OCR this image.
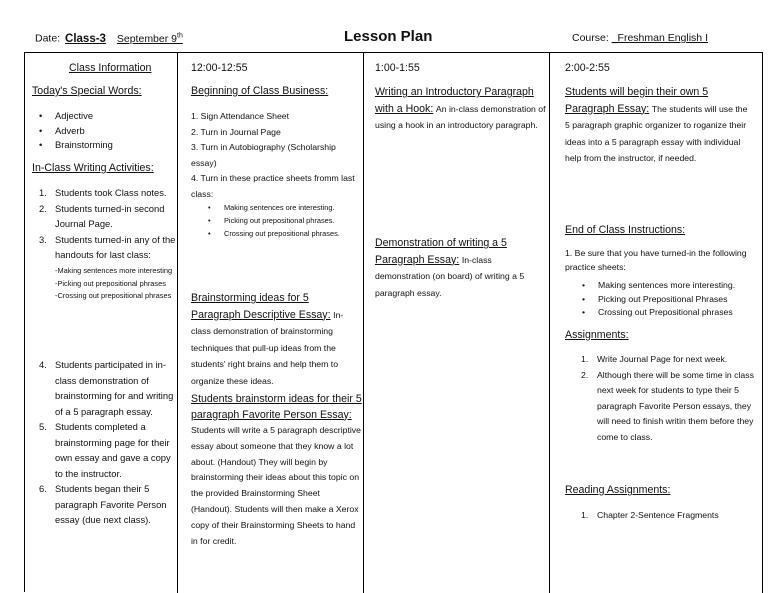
Date: Class-3 September 9th	Lesson Plan	Course: _Freshman English I
Class Information
Today's Special Words:
• Adjective
• Adverb
• Brainstorming
In-Class Writing Activities:
1. Students took Class notes.
2. Students turned-in second Journal Page.
3. Students turned-in any of the handouts for last class:
-Making sentences more interesting
-Picking out prepositional phrases
-Crossing out prepositional phrases
4. Students participated in in-class demonstration of brainstorming for and writing of a 5 paragraph essay.
5. Students completed a brainstorming page for their own essay and gave a copy to the instructor.
6. Students began their 5 paragraph Favorite Person essay (due next class).
12:00-12:55
Beginning of Class Business:
1. Sign Attendance Sheet
2. Turn in Journal Page
3. Turn in Autobiography (Scholarship essay)
4. Turn in these practice sheets fromm last class:
• Making sentences ore interesting.
• Picking out prepositional phrases.
• Crossing out prepositional phrases.
Brainstorming ideas for 5 Paragraph Descriptive Essay: In-class demonstration of brainstorming techniques that pull-up ideas from the students' right brains and help them to organize these ideas.
Students brainstorm ideas for their 5 paragraph Favorite Person Essay:
Students will write a 5 paragraph descriptive essay about someone that they know a lot about. (Handout) They will begin by brainstorming their ideas about this topic on the provided Brainstorming Sheet (Handout). Students will then make a Xerox copy of their Brainstorming Sheets to hand in for credit.
1:00-1:55
Writing an Introductory Paragraph with a Hook: An in-class demonstration of using a hook in an introductory paragraph.
Demonstration of writing a 5 Paragraph Essay: In-class demonstration (on board) of writing a 5 paragraph essay.
2:00-2:55
Students will begin their own 5 Paragraph Essay: The students will use the 5 paragraph graphic organizer to roganize their ideas into a 5 paragraph essay with individual help from the instructor, if needed.
End of Class Instructions:
1. Be sure that you have turned-in the following practice sheets:
• Making sentences more interesting.
• Picking out Prepositional Phrases
• Crossing out Prepositional phrases
Assignments:
1. Write Journal Page for next week.
2. Although there will be some time in class next week for students to type their 5 paragraph Favorite Person essays, they will need to finish writin them before they come to class.
Reading Assignments:
1. Chapter 2-Sentence Fragments
